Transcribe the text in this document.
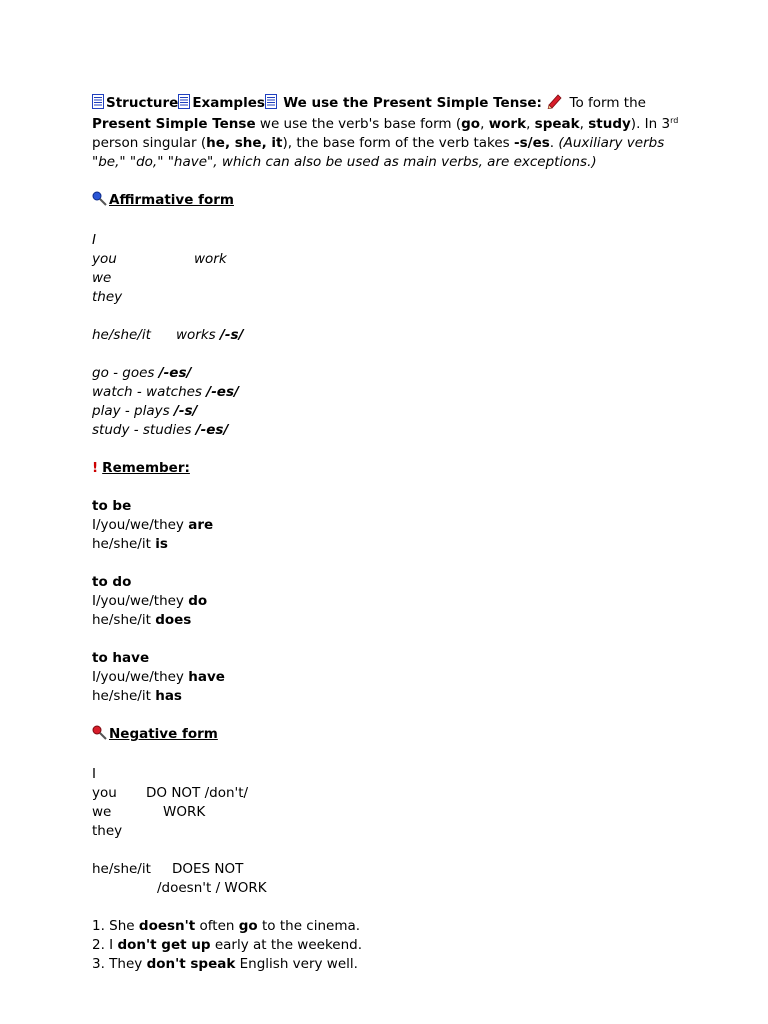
Structure Examples We use the Present Simple Tense:  To form the Present Simple Tense we use the verb's base form (go, work, speak, study). In 3rd person singular (he, she, it), the base form of the verb takes -s/es. (Auxiliary verbs "be," "do," "have", which can also be used as main verbs, are exceptions.)

Affirmative form
I
you	work
we
they
he/she/it works /-s/
go - goes /-es/
watch - watches /-es/
play - plays /-s/
study - studies /-es/
! Remember:
to be
I/you/we/they are
he/she/it is
to do
I/you/we/they do
he/she/it does
to have
I/you/we/they have
he/she/it has
Negative form
I
you DO NOT /don't/
we	WORK
they
he/she/it DOES NOT
/doesn't / WORK
1. She doesn't often go to the cinema.
2. I don't get up early at the weekend.
3. They don't speak English very well.
